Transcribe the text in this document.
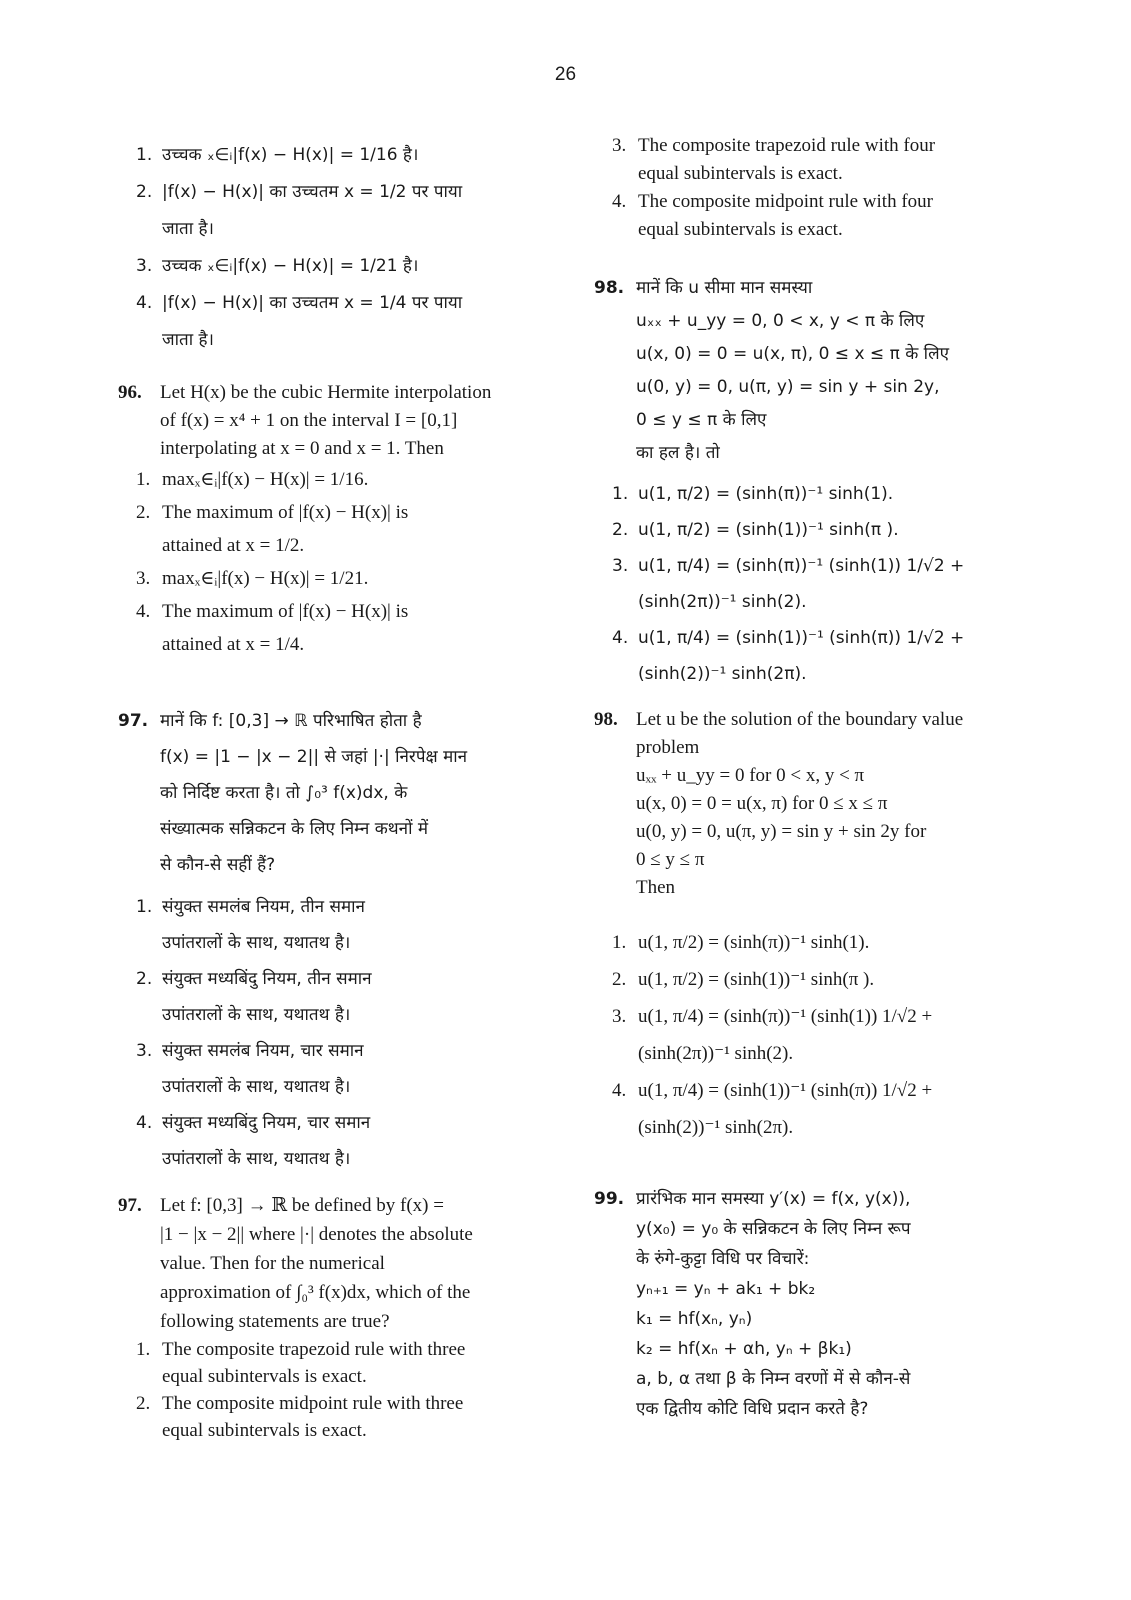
26
1. उच्चक ₓ∈ᵢ|f(x) − H(x)| = 1/16 है।
2. |f(x) − H(x)| का उच्चतम x = 1/2 पर पाया
जाता है।
3. उच्चक ₓ∈ᵢ|f(x) − H(x)| = 1/21 है।
4. |f(x) − H(x)| का उच्चतम x = 1/4 पर पाया
जाता है।
96. Let H(x) be the cubic Hermite interpolation
of f(x) = x⁴ + 1 on the interval I = [0,1]
interpolating at x = 0 and x = 1. Then
1. maxₓ∈ᵢ|f(x) − H(x)| = 1/16.
2. The maximum of |f(x) − H(x)| is
attained at x = 1/2.
3. maxₓ∈ᵢ|f(x) − H(x)| = 1/21.
4. The maximum of |f(x) − H(x)| is
attained at x = 1/4.
97. मानें कि f: [0,3] → ℝ परिभाषित होता है
f(x) = |1 − |x − 2|| से जहां |·| निरपेक्ष मान
को निर्दिष्ट करता है। तो ∫₀³ f(x)dx, के
संख्यात्मक सन्निकटन के लिए निम्न कथनों में
से कौन-से सहीं हैं?
1. संयुक्त समलंब नियम, तीन समान
उपांतरालों के साथ, यथातथ है।
2. संयुक्त मध्यबिंदु नियम, तीन समान
उपांतरालों के साथ, यथातथ है।
3. संयुक्त समलंब नियम, चार समान
उपांतरालों के साथ, यथातथ है।
4. संयुक्त मध्यबिंदु नियम, चार समान
उपांतरालों के साथ, यथातथ है।
97. Let f: [0,3] → ℝ be defined by f(x) =
|1 − |x − 2|| where |·| denotes the absolute
value. Then for the numerical
approximation of ∫₀³ f(x)dx, which of the
following statements are true?
1. The composite trapezoid rule with three
equal subintervals is exact.
2. The composite midpoint rule with three
equal subintervals is exact.
3. The composite trapezoid rule with four
equal subintervals is exact.
4. The composite midpoint rule with four
equal subintervals is exact.
98. मानें कि u सीमा मान समस्या
uₓₓ + u_yy = 0, 0 < x, y < π के लिए
u(x, 0) = 0 = u(x, π), 0 ≤ x ≤ π के लिए
u(0, y) = 0, u(π, y) = sin y + sin 2y,
0 ≤ y ≤ π के लिए
का हल है। तो
1. u(1, π/2) = (sinh(π))⁻¹ sinh(1).
2. u(1, π/2) = (sinh(1))⁻¹ sinh(π ).
3. u(1, π/4) = (sinh(π))⁻¹ (sinh(1)) 1/√2 +
(sinh(2π))⁻¹ sinh(2).
4. u(1, π/4) = (sinh(1))⁻¹ (sinh(π)) 1/√2 +
(sinh(2))⁻¹ sinh(2π).
98. Let u be the solution of the boundary value
problem
uₓₓ + u_yy = 0 for 0 < x, y < π
u(x, 0) = 0 = u(x, π) for 0 ≤ x ≤ π
u(0, y) = 0, u(π, y) = sin y + sin 2y for
0 ≤ y ≤ π
Then
1. u(1, π/2) = (sinh(π))⁻¹ sinh(1).
2. u(1, π/2) = (sinh(1))⁻¹ sinh(π ).
3. u(1, π/4) = (sinh(π))⁻¹ (sinh(1)) 1/√2 +
(sinh(2π))⁻¹ sinh(2).
4. u(1, π/4) = (sinh(1))⁻¹ (sinh(π)) 1/√2 +
(sinh(2))⁻¹ sinh(2π).
99. प्रारंभिक मान समस्या y′(x) = f(x, y(x)),
y(x₀) = y₀ के सन्निकटन के लिए निम्न रूप
के रुंगे-कुट्टा विधि पर विचारें:
yₙ₊₁ = yₙ + ak₁ + bk₂
k₁ = hf(xₙ, yₙ)
k₂ = hf(xₙ + αh, yₙ + βk₁)
a, b, α तथा β के निम्न वरणों में से कौन-से
एक द्वितीय कोटि विधि प्रदान करते है?
